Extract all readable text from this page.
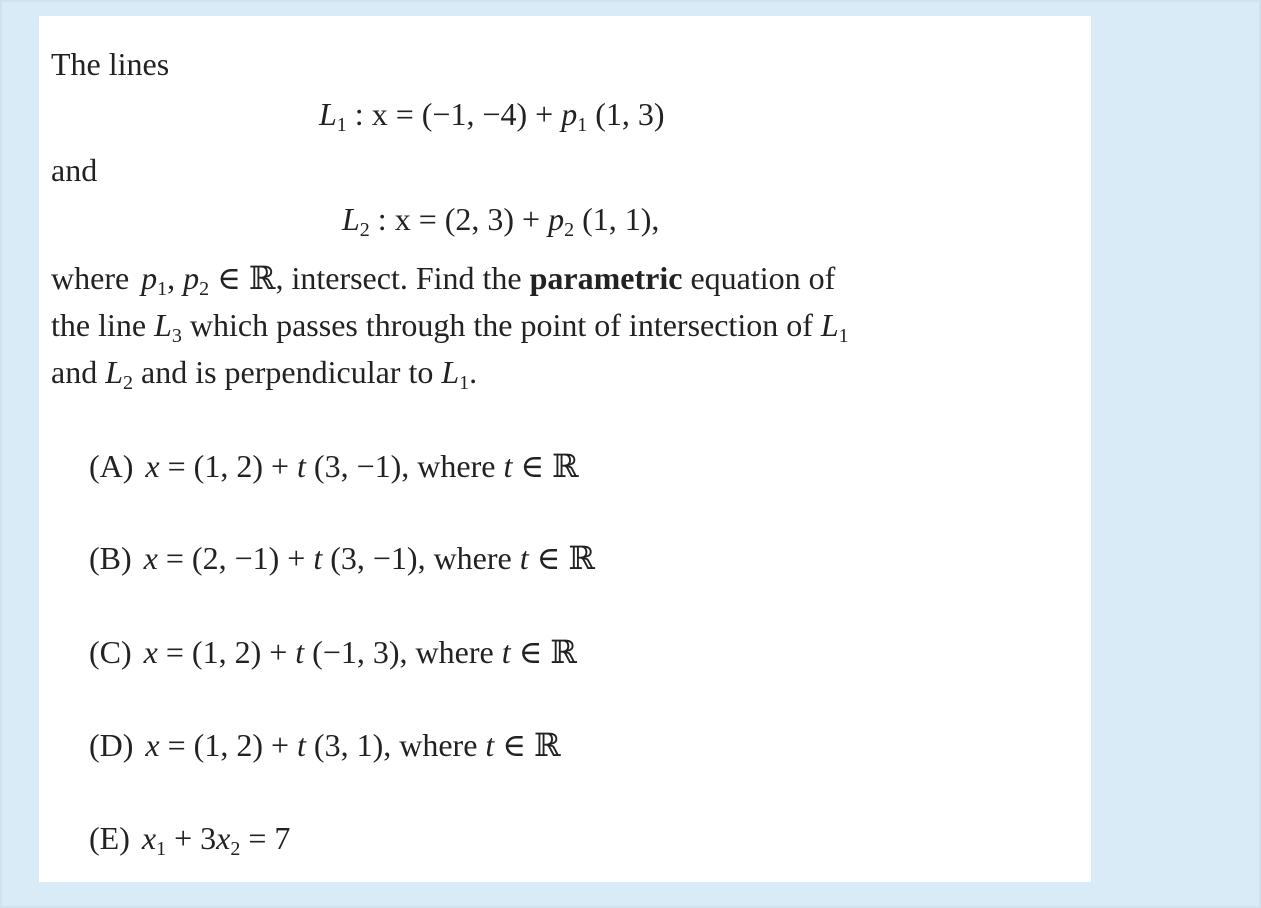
The lines
$L_1$ : x = (−1, $-4) + p_1$ (1, 3)
and
$L_2$ : x = (2, $3) + p_2$ (1, 1),
where $p_1$, $p_2$ ∈ ℝ, intersect. Find the parametric equation of
the line $L_3$ which passes through the point of intersection of $L_1$
and $L_2$ and is perpendicular to $L_1$.
(A) x = (1, 2) + t (3, −1), where t ∈ ℝ
(B) x = (2, −1) + t (3, −1), where t ∈ ℝ
(C) x = (1, 2) + t (−1, 3), where t ∈ ℝ
(D) x = (1, 2) + t (3, 1), where t ∈ ℝ
(E) $x_1 + 3x_2 = 7$
